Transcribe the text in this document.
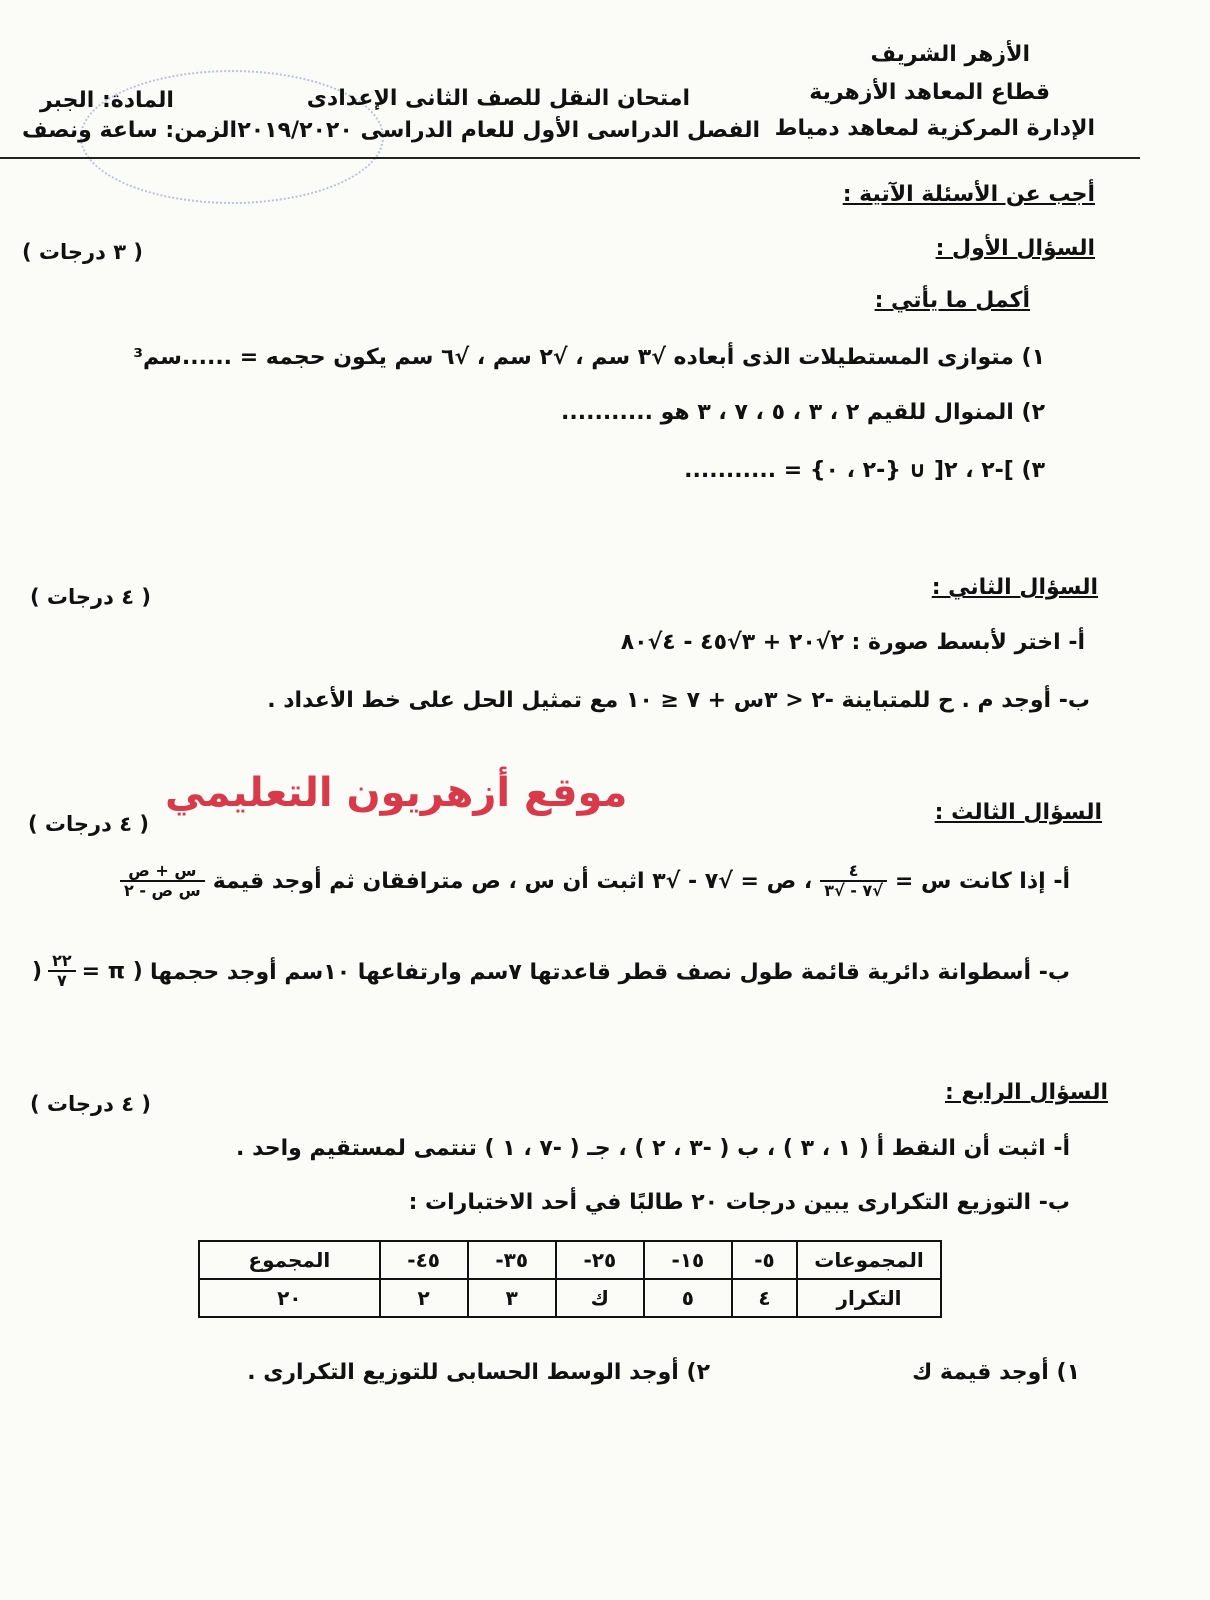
الأزهر الشريف
قطاع المعاهد الأزهرية
الإدارة المركزية لمعاهد دمياط
امتحان النقل للصف الثانى الإعدادى
الفصل الدراسى الأول للعام الدراسى ٢٠١٩/٢٠٢٠
المادة: الجبر
الزمن: ساعة ونصف
أجب عن الأسئلة الآتية :
السؤال الأول :
( ٣ درجات )
أكمل ما يأتي :
١) متوازى المستطيلات الذى أبعاده √٣ سم ، √٢ سم ، √٦ سم يكون حجمه = ......سم³
٢) المنوال للقيم ٢ ، ٣ ، ٥ ، ٧ ، ٣ هو ...........
٣) ]-٢ ، ٢[ ∪ {-٢ ، ٠} = ...........
السؤال الثاني :
( ٤ درجات )
أ- اختر لأبسط صورة : ٢√٢٠ + ٣√٤٥ - ٤√٨٠
ب- أوجد م . ح للمتباينة -٢ < ٣س + ٧ ≤ ١٠ مع تمثيل الحل على خط الأعداد .
موقع أزهريون التعليمي	السؤال الثالث :
( ٤ درجات )
أ- إذا كانت س =
$\frac{٤}{√٧ - √٣}$
، ص = √٧ - √٣ اثبت أن س ، ص مترافقان ثم أوجد قيمة
$\frac{\text{س + ص}}{\text{س ص - ٢}}$
ب- أسطوانة دائرية قائمة طول نصف قطر قاعدتها ٧سم وارتفاعها ١٠سم أوجد حجمها
) $\frac{٢٢}{٧}$ ( π =
السؤال الرابع :
( ٤ درجات )
أ- اثبت أن النقط أ ( ١ ، ٣ ) ، ب ( -٣ ، ٢ ) ، جـ ( -٧ ، ١ ) تنتمى لمستقيم واحد .
ب- التوزيع التكرارى يبين درجات ٢٠ طالبًا في أحد الاختبارات :
المجموعات	٥-	١٥-	٢٥-	٣٥-	٤٥-	المجموع
التكرار	٤	٥	ك	٣	٢	٢٠
١) أوجد قيمة ك
٢) أوجد الوسط الحسابى للتوزيع التكرارى .
